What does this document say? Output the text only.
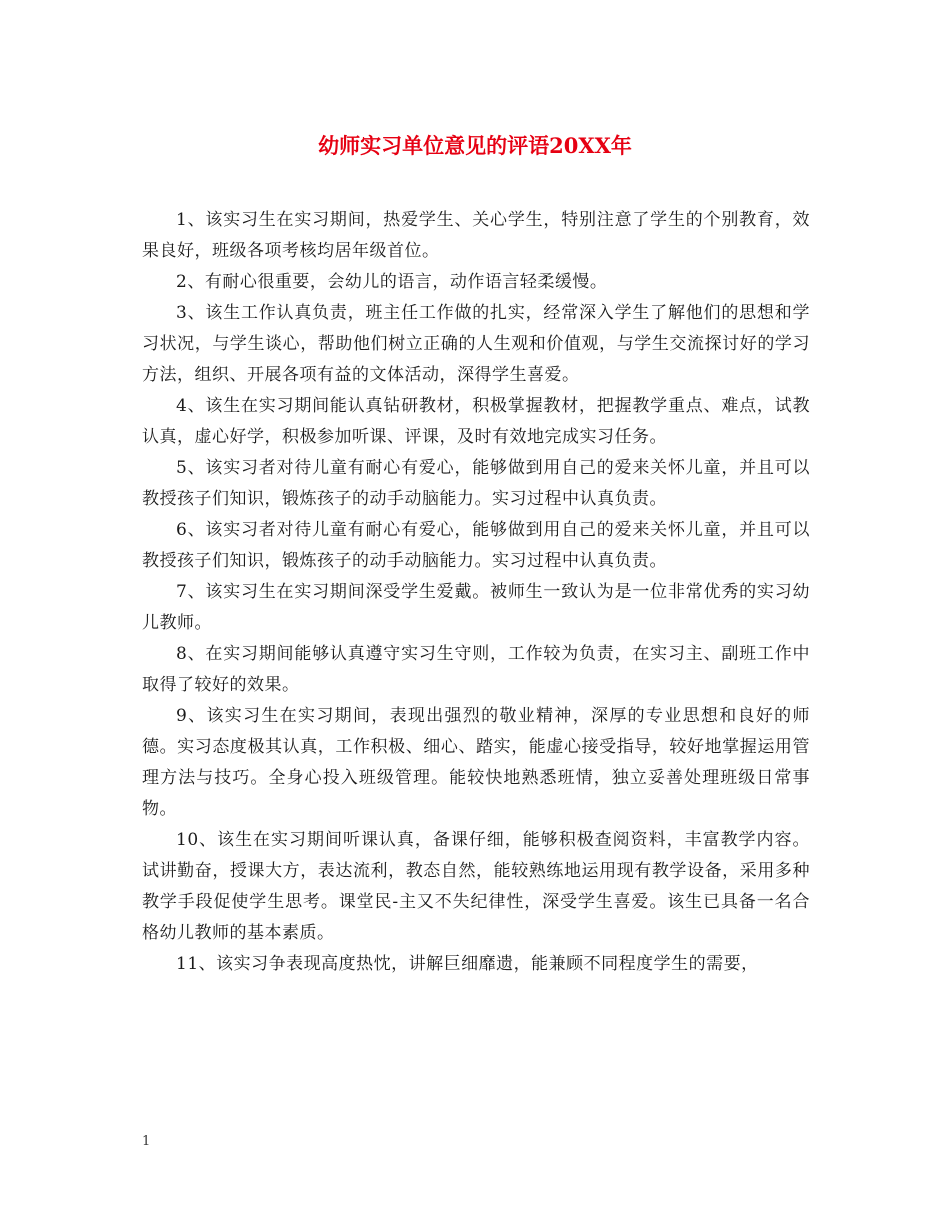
幼师实习单位意见的评语20XX年

1、该实习生在实习期间，热爱学生、关心学生，特别注意了学生的个别教育，效果良好，班级各项考核均居年级首位。

2、有耐心很重要，会幼儿的语言，动作语言轻柔缓慢。

3、该生工作认真负责，班主任工作做的扎实，经常深入学生了解他们的思想和学习状况，与学生谈心，帮助他们树立正确的人生观和价值观，与学生交流探讨好的学习方法，组织、开展各项有益的文体活动，深得学生喜爱。

4、该生在实习期间能认真钻研教材，积极掌握教材，把握教学重点、难点，试教认真，虚心好学，积极参加听课、评课，及时有效地完成实习任务。

5、该实习者对待儿童有耐心有爱心，能够做到用自己的爱来关怀儿童，并且可以教授孩子们知识，锻炼孩子的动手动脑能力。实习过程中认真负责。

6、该实习者对待儿童有耐心有爱心，能够做到用自己的爱来关怀儿童，并且可以教授孩子们知识，锻炼孩子的动手动脑能力。实习过程中认真负责。

7、该实习生在实习期间深受学生爱戴。被师生一致认为是一位非常优秀的实习幼儿教师。

8、在实习期间能够认真遵守实习生守则，工作较为负责，在实习主、副班工作中取得了较好的效果。

9、该实习生在实习期间，表现出强烈的敬业精神，深厚的专业思想和良好的师德。实习态度极其认真，工作积极、细心、踏实，能虚心接受指导，较好地掌握运用管理方法与技巧。全身心投入班级管理。能较快地熟悉班情，独立妥善处理班级日常事物。

10、该生在实习期间听课认真，备课仔细，能够积极查阅资料，丰富教学内容。试讲勤奋，授课大方，表达流利，教态自然，能较熟练地运用现有教学设备，采用多种教学手段促使学生思考。课堂民-主又不失纪律性，深受学生喜爱。该生已具备一名合格幼儿教师的基本素质。

11、该实习争表现高度热忱，讲解巨细靡遗，能兼顾不同程度学生的需要，

1
